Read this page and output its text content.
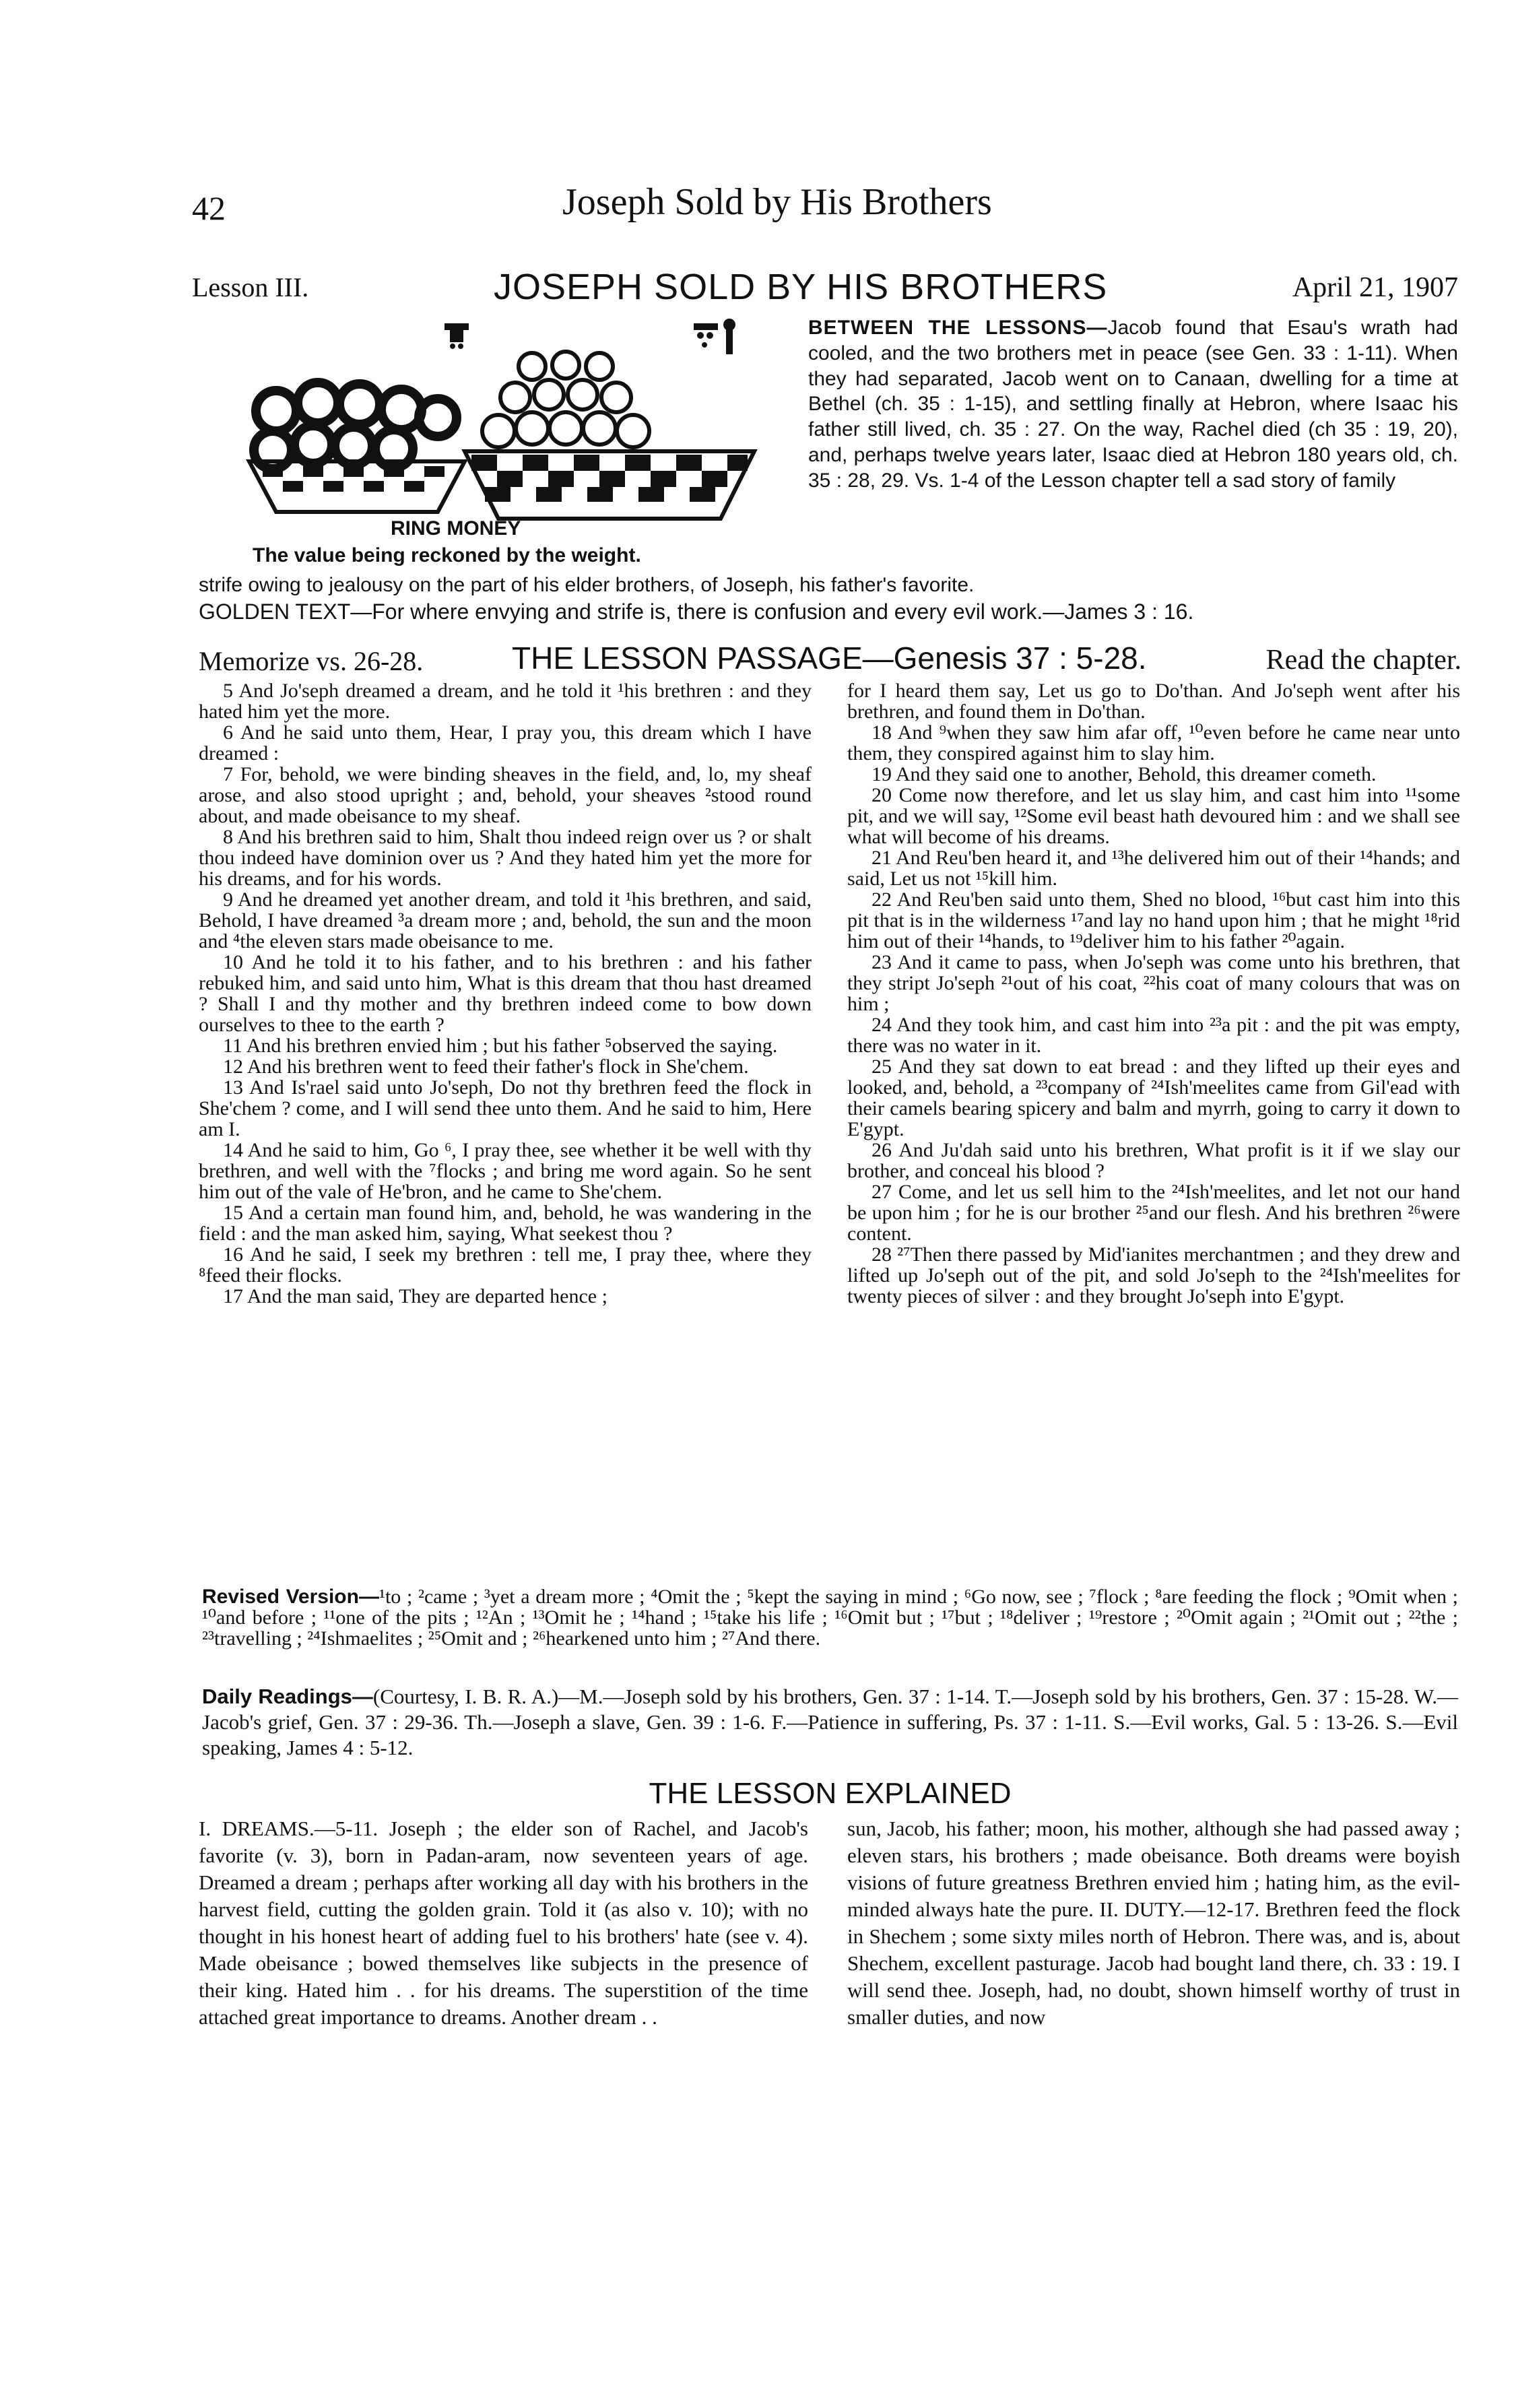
42	Joseph Sold by His Brothers
Lesson III.	JOSEPH SOLD BY HIS BROTHERS	April 21, 1907
RING MONEY
The value being reckoned by the weight.
BETWEEN THE LESSONS—Jacob found that Esau's wrath had cooled, and the two brothers met in peace (see Gen. 33 : 1-11). When they had separated, Jacob went on to Canaan, dwelling for a time at Bethel (ch. 35 : 1-15), and settling finally at Hebron, where Isaac his father still lived, ch. 35 : 27. On the way, Rachel died (ch 35 : 19, 20), and, perhaps twelve years later, Isaac died at Hebron 180 years old, ch. 35 : 28, 29. Vs. 1-4 of the Lesson chapter tell a sad story of family
strife owing to jealousy on the part of his elder brothers, of Joseph, his father's favorite.
GOLDEN TEXT—For where envying and strife is, there is confusion and every evil work.—James 3 : 16.
Memorize vs. 26-28.	THE LESSON PASSAGE—Genesis 37 : 5-28.	Read the chapter.

5 And Jo'seph dreamed a dream, and he told it ¹his brethren : and they hated him yet the more.

6 And he said unto them, Hear, I pray you, this dream which I have dreamed :

7 For, behold, we were binding sheaves in the field, and, lo, my sheaf arose, and also stood upright ; and, behold, your sheaves ²stood round about, and made obeisance to my sheaf.

8 And his brethren said to him, Shalt thou indeed reign over us ? or shalt thou indeed have dominion over us ? And they hated him yet the more for his dreams, and for his words.

9 And he dreamed yet another dream, and told it ¹his brethren, and said, Behold, I have dreamed ³a dream more ; and, behold, the sun and the moon and ⁴the eleven stars made obeisance to me.

10 And he told it to his father, and to his brethren : and his father rebuked him, and said unto him, What is this dream that thou hast dreamed ? Shall I and thy mother and thy brethren indeed come to bow down ourselves to thee to the earth ?

11 And his brethren envied him ; but his father ⁵observed the saying.

12 And his brethren went to feed their father's flock in She'chem.

13 And Is'rael said unto Jo'seph, Do not thy brethren feed the flock in She'chem ? come, and I will send thee unto them. And he said to him, Here am I.

14 And he said to him, Go ⁶, I pray thee, see whether it be well with thy brethren, and well with the ⁷flocks ; and bring me word again. So he sent him out of the vale of He'bron, and he came to She'chem.

15 And a certain man found him, and, behold, he was wandering in the field : and the man asked him, saying, What seekest thou ?

16 And he said, I seek my brethren : tell me, I pray thee, where they ⁸feed their flocks.

17 And the man said, They are departed hence ;

for I heard them say, Let us go to Do'than. And Jo'seph went after his brethren, and found them in Do'than.

18 And ⁹when they saw him afar off, ¹⁰even before he came near unto them, they conspired against him to slay him.

19 And they said one to another, Behold, this dreamer cometh.

20 Come now therefore, and let us slay him, and cast him into ¹¹some pit, and we will say, ¹²Some evil beast hath devoured him : and we shall see what will become of his dreams.

21 And Reu'ben heard it, and ¹³he delivered him out of their ¹⁴hands; and said, Let us not ¹⁵kill him.

22 And Reu'ben said unto them, Shed no blood, ¹⁶but cast him into this pit that is in the wilderness ¹⁷and lay no hand upon him ; that he might ¹⁸rid him out of their ¹⁴hands, to ¹⁹deliver him to his father ²⁰again.

23 And it came to pass, when Jo'seph was come unto his brethren, that they stript Jo'seph ²¹out of his coat, ²²his coat of many colours that was on him ;

24 And they took him, and cast him into ²³a pit : and the pit was empty, there was no water in it.

25 And they sat down to eat bread : and they lifted up their eyes and looked, and, behold, a ²³company of ²⁴Ish'meelites came from Gil'ead with their camels bearing spicery and balm and myrrh, going to carry it down to E'gypt.

26 And Ju'dah said unto his brethren, What profit is it if we slay our brother, and conceal his blood ?

27 Come, and let us sell him to the ²⁴Ish'meelites, and let not our hand be upon him ; for he is our brother ²⁵and our flesh. And his brethren ²⁶were content.

28 ²⁷Then there passed by Mid'ianites merchantmen ; and they drew and lifted up Jo'seph out of the pit, and sold Jo'seph to the ²⁴Ish'meelites for twenty pieces of silver : and they brought Jo'seph into E'gypt.

Revised Version—¹to ; ²came ; ³yet a dream more ; ⁴Omit the ; ⁵kept the saying in mind ; ⁶Go now, see ; ⁷flock ; ⁸are feeding the flock ; ⁹Omit when ; ¹⁰and before ; ¹¹one of the pits ; ¹²An ; ¹³Omit he ; ¹⁴hand ; ¹⁵take his life ; ¹⁶Omit but ; ¹⁷but ; ¹⁸deliver ; ¹⁹restore ; ²⁰Omit again ; ²¹Omit out ; ²²the ; ²³travelling ; ²⁴Ishmaelites ; ²⁵Omit and ; ²⁶hearkened unto him ; ²⁷And there.
Daily Readings—(Courtesy, I. B. R. A.)—M.—Joseph sold by his brothers, Gen. 37 : 1-14. T.—Joseph sold by his brothers, Gen. 37 : 15-28. W.—Jacob's grief, Gen. 37 : 29-36. Th.—Joseph a slave, Gen. 39 : 1-6. F.—Patience in suffering, Ps. 37 : 1-11. S.—Evil works, Gal. 5 : 13-26. S.—Evil speaking, James 4 : 5-12.
THE LESSON EXPLAINED
I. DREAMS.—5-11. Joseph ; the elder son of Rachel, and Jacob's favorite (v. 3), born in Padan-aram, now seventeen years of age. Dreamed a dream ; perhaps after working all day with his brothers in the harvest field, cutting the golden grain. Told it (as also v. 10); with no thought in his honest heart of adding fuel to his brothers' hate (see v. 4). Made obeisance ; bowed themselves like subjects in the presence of their king. Hated him . . for his dreams. The superstition of the time attached great importance to dreams. Another dream . .
sun, Jacob, his father; moon, his mother, although she had passed away ; eleven stars, his brothers ; made obeisance. Both dreams were boyish visions of future greatness Brethren envied him ; hating him, as the evil-minded always hate the pure. II. DUTY.—12-17. Brethren feed the flock in Shechem ; some sixty miles north of Hebron. There was, and is, about Shechem, excellent pasturage. Jacob had bought land there, ch. 33 : 19. I will send thee. Joseph, had, no doubt, shown himself worthy of trust in smaller duties, and now
